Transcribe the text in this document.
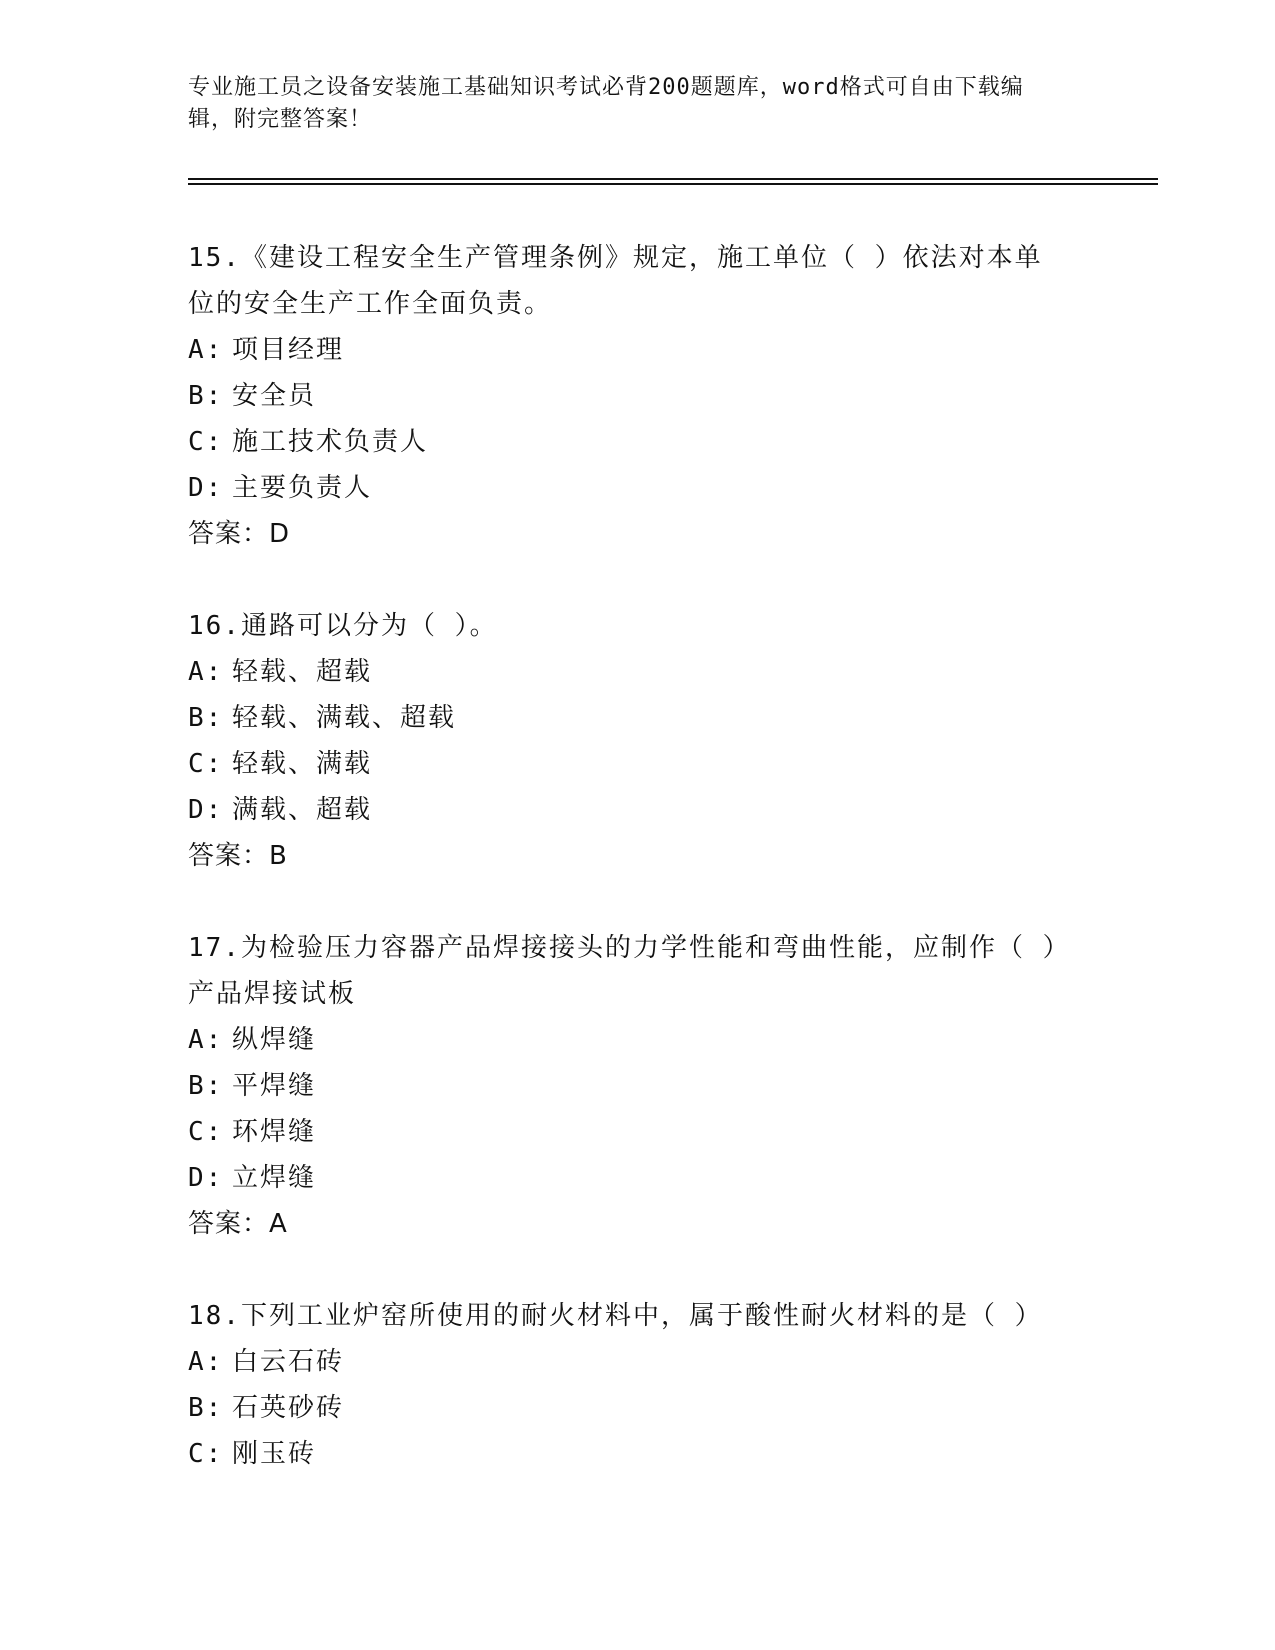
专业施工员之设备安装施工基础知识考试必背200题题库，word格式可自由下载编辑，附完整答案！

15.《建设工程安全生产管理条例》规定，施工单位（ ）依法对本单位的安全生产工作全面负责。

A: 项目经理

B: 安全员

C: 施工技术负责人

D: 主要负责人

答案：D

16.通路可以分为（ ）。

A: 轻载、超载

B: 轻载、满载、超载

C: 轻载、满载

D: 满载、超载

答案：B

17.为检验压力容器产品焊接接头的力学性能和弯曲性能，应制作（ ）产品焊接试板

A: 纵焊缝

B: 平焊缝

C: 环焊缝

D: 立焊缝

答案：A

18.下列工业炉窑所使用的耐火材料中，属于酸性耐火材料的是（ ）

A: 白云石砖

B: 石英砂砖

C: 刚玉砖
